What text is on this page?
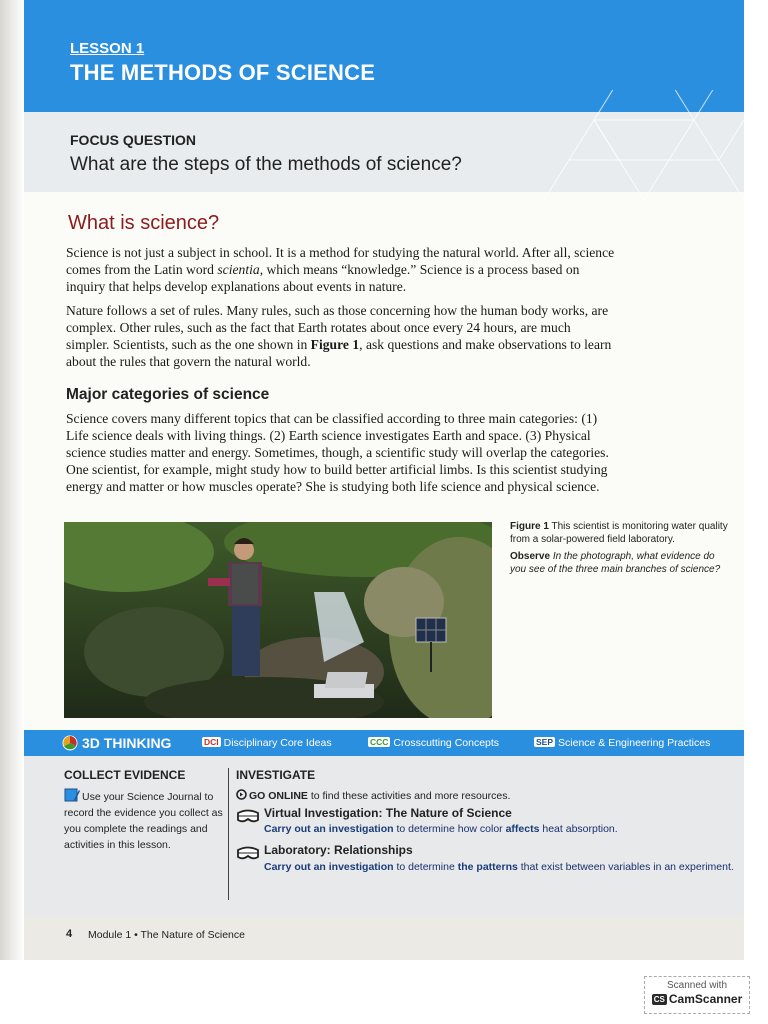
LESSON 1
THE METHODS OF SCIENCE
FOCUS QUESTION
What are the steps of the methods of science?
What is science?

Science is not just a subject in school. It is a method for studying the natural world. After all, science comes from the Latin word scientia, which means “knowledge.” Science is a process based on inquiry that helps develop explanations about events in nature.

Nature follows a set of rules. Many rules, such as those concerning how the human body works, are complex. Other rules, such as the fact that Earth rotates about once every 24 hours, are much simpler. Scientists, such as the one shown in Figure 1, ask questions and make observations to learn about the rules that govern the natural world.

Major categories of science

Science covers many different topics that can be classified according to three main categories: (1) Life science deals with living things. (2) Earth science investigates Earth and space. (3) Physical science studies matter and energy. Sometimes, though, a scientific study will overlap the categories. One scientist, for example, might study how to build better artificial limbs. Is this scientist studying energy and matter or how muscles operate? She is studying both life science and physical science.

Figure 1 This scientist is monitoring water quality from a solar-powered field laboratory.
Observe In the photograph, what evidence do you see of the three main branches of science?
3D THINKING	DCI Disciplinary Core Ideas	CCC Crosscutting Concepts	SEP Science & Engineering Practices
COLLECT EVIDENCE
Use your Science Journal to record the evidence you collect as you complete the readings and activities in this lesson.
INVESTIGATE
GO ONLINE to find these activities and more resources.
Virtual Investigation: The Nature of Science
Carry out an investigation to determine how color affects heat absorption.
Laboratory: Relationships
Carry out an investigation to determine the patterns that exist between variables in an experiment.
4 Module 1 • The Nature of Science
Scanned with
CS CamScanner
